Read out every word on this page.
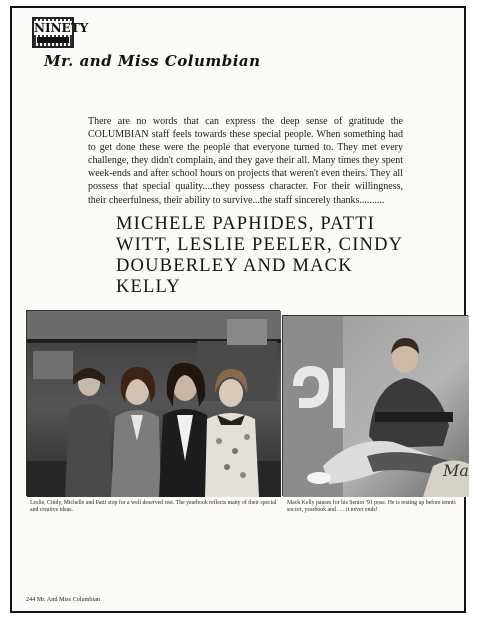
NINETY
Mr. and Miss Columbian
There are no words that can express the deep sense of gratitude the COLUMBIAN staff feels towards these special people. When something had to get done these were the people that everyone turned to. They met every challenge, they didn't complain, and they gave their all. Many times they spent week-ends and after school hours on projects that weren't even theirs. They all possess that special quality....they possess character. For their willingness, their cheerfulness, their ability to survive...the staff sincerely thanks..........
MICHELE PAPHIDES, PATTI WITT, LESLIE PEELER, CINDY DOUBERLEY AND MACK KELLY
Ma
Leslie, Cindy, Michelle and Patti stop for a well deserved rest. The yearbook reflects many of their special and creative ideas.
Mack Kelly pauses for his Senior '91 pose. He is resting up before tennis soccer, yearbook and . . . it never ends!
244 Mr. And Miss Columbian
